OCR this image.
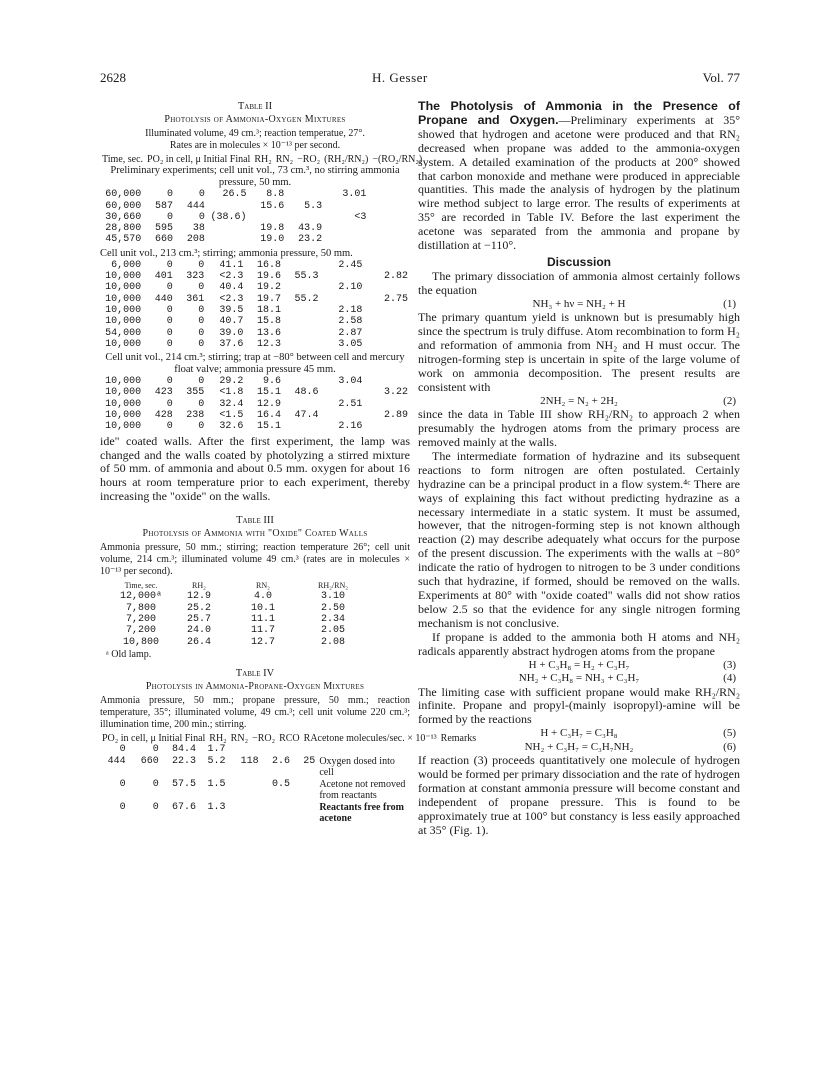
2628	H. Gesser	Vol. 77

Table II

Photolysis of Ammonia-Oxygen Mixtures

Illuminated volume, 49 cm.³; reaction temperatue, 27°.

Rates are in molecules × 10⁻¹³ per second.

Time, sec.	PO₂ in cell, μ Initial Final	RH₂	RN₂	−RO₂	(RH₂/RN₂)	−(RO₂/RN₂)

Preliminary experiments; cell unit vol., 73 cm.³, no stirring ammonia pressure, 50 mm.

60,000	0	0	26.5	8.8		3.01	
60,000	587	444		15.6	5.3		
30,660	0	0	(38.6)			<3	
28,800	595	38		19.8	43.9		
45,570	660	208		19.0	23.2		

Cell unit vol., 213 cm.³; stirring; ammonia pressure, 50 mm.

6,000	0	0	41.1	16.8		2.45	
10,000	401	323	<2.3	19.6	55.3		2.82
10,000	0	0	40.4	19.2		2.10	
10,000	440	361	<2.3	19.7	55.2		2.75
10,000	0	0	39.5	18.1		2.18	
10,000	0	0	40.7	15.8		2.58	
54,000	0	0	39.0	13.6		2.87	
10,000	0	0	37.6	12.3		3.05	

Cell unit vol., 214 cm.³; stirring; trap at −80° between cell and mercury float valve; ammonia pressure 45 mm.

10,000	0	0	29.2	9.6		3.04	
10,000	423	355	<1.8	15.1	48.6		3.22
10,000	0	0	32.4	12.9		2.51	
10,000	428	238	<1.5	16.4	47.4		2.89
10,000	0	0	32.6	15.1		2.16	

ide" coated walls. After the first experiment, the lamp was changed and the walls coated by photolyzing a stirred mixture of 50 mm. of ammonia and about 0.5 mm. oxygen for about 16 hours at room temperature prior to each experiment, thereby increasing the "oxide" on the walls.

Table III

Photolysis of Ammonia with "Oxide" Coated Walls

Ammonia pressure, 50 mm.; stirring; reaction temperature 26°; cell unit volume, 214 cm.³; illuminated volume 49 cm.³ (rates are in molecules × 10⁻¹³ per second).

Time, sec.	RH₂	RN₂	RH₂/RN₂
12,000ᵃ	12.9	4.0	3.10
7,800	25.2	10.1	2.50
7,200	25.7	11.1	2.34
7,200	24.0	11.7	2.05
10,800	26.4	12.7	2.08

ᵃ Old lamp.

Table IV

Photolysis in Ammonia-Propane-Oxygen Mixtures

Ammonia pressure, 50 mm.; propane pressure, 50 mm.; reaction temperature, 35°; illuminated volume, 49 cm.³; cell unit volume 220 cm.³; illumination time, 200 min.; stirring.

PO₂ in cell, μ Initial Final	RH₂	RN₂	−RO₂	RCO	RAcetone molecules/sec. × 10⁻¹³	Remarks
0	0	84.4	1.7				
444	660	22.3	5.2	118	2.6	25	Oxygen dosed into cell
0	0	57.5	1.5		0.5		Acetone not removed from reactants
0	0	67.6	1.3				Reactants free from acetone

The Photolysis of Ammonia in the Presence of Propane and Oxygen.—Preliminary experiments at 35° showed that hydrogen and acetone were produced and that RN₂ decreased when propane was added to the ammonia-oxygen system. A detailed examination of the products at 200° showed that carbon monoxide and methane were produced in appreciable quantities. This made the analysis of hydrogen by the platinum wire method subject to large error. The results of experiments at 35° are recorded in Table IV. Before the last experiment the acetone was separated from the ammonia and propane by distillation at −110°.

Discussion

The primary dissociation of ammonia almost certainly follows the equation

NH₃ + hν = NH₂ + H	(1)

The primary quantum yield is unknown but is presumably high since the spectrum is truly diffuse. Atom recombination to form H₂ and reformation of ammonia from NH₂ and H must occur. The nitrogen-forming step is uncertain in spite of the large volume of work on ammonia decomposition. The present results are consistent with

2NH₂ = N₂ + 2H₂	(2)

since the data in Table III show RH₂/RN₂ to approach 2 when presumably the hydrogen atoms from the primary process are removed mainly at the walls.

The intermediate formation of hydrazine and its subsequent reactions to form nitrogen are often postulated. Certainly hydrazine can be a principal product in a flow system.⁴ᶜ There are ways of explaining this fact without predicting hydrazine as a necessary intermediate in a static system. It must be assumed, however, that the nitrogen-forming step is not known although reaction (2) may describe adequately what occurs for the purpose of the present discussion. The experiments with the walls at −80° indicate the ratio of hydrogen to nitrogen to be 3 under conditions such that hydrazine, if formed, should be removed on the walls. Experiments at 80° with "oxide coated" walls did not show ratios below 2.5 so that the evidence for any single nitrogen forming mechanism is not conclusive.

If propane is added to the ammonia both H atoms and NH₂ radicals apparently abstract hydrogen atoms from the propane

H + C₃H₈ = H₂ + C₃H₇	(3)
NH₂ + C₃H₈ = NH₃ + C₃H₇	(4)

The limiting case with sufficient propane would make RH₂/RN₂ infinite. Propane and propyl-(mainly isopropyl)-amine will be formed by the reactions

H + C₃H₇ = C₃H₈	(5)
NH₂ + C₃H₇ = C₃H₇NH₂	(6)

If reaction (3) proceeds quantitatively one molecule of hydrogen would be formed per primary dissociation and the rate of hydrogen formation at constant ammonia pressure will become constant and independent of propane pressure. This is found to be approximately true at 100° but constancy is less easily approached at 35° (Fig. 1).
